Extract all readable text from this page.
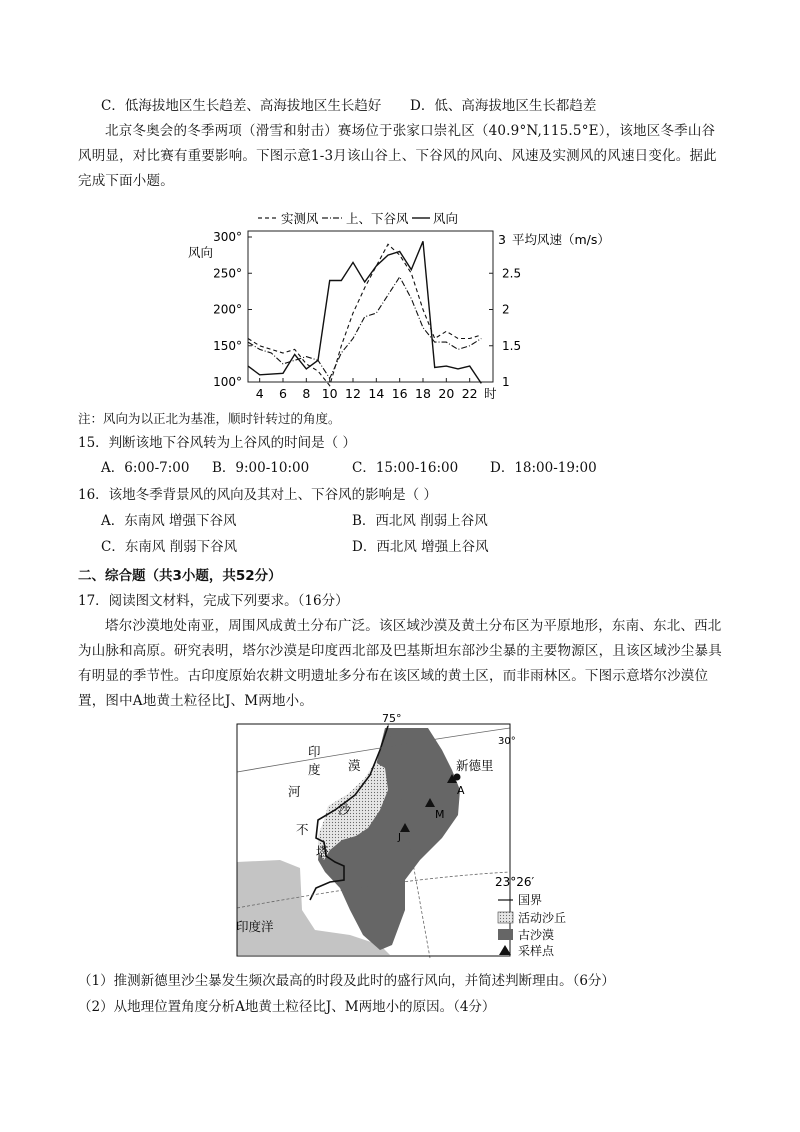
C．低海拔地区生长趋差、高海拔地区生长趋好 D．低、高海拔地区生长都趋差
北京冬奥会的冬季两项（滑雪和射击）赛场位于张家口崇礼区（40.9°N,115.5°E），该地区冬季山谷风明显，对比赛有重要影响。下图示意1-3月该山谷上、下谷风的风向、风速及实测风的风速日变化。据此完成下面小题。
实测风 上、下谷风 风向
风向
3 平均风速（m/s）
时
4 6 8 10 12 14 16 18 20 22
300°
250°
200°
150°
100°
2.5
2
1.5
1
注：风向为以正北为基准，顺时针转过的角度。
15．判断该地下谷风转为上谷风的时间是（ ）
A．6:00-7:00 B．9:00-10:00	C．15:00-16:00 D．18:00-19:00
16．该地冬季背景风的风向及其对上、下谷风的影响是（ ）
A．东南风 增强下谷风	B．西北风 削弱上谷风
C．东南风 削弱下谷风	D．西北风 增强上谷风
二、综合题（共3小题，共52分）
17．阅读图文材料，完成下列要求。（16分）
塔尔沙漠地处南亚，周围风成黄土分布广泛。该区域沙漠及黄土分布区为平原地形，东南、东北、西北为山脉和高原。研究表明，塔尔沙漠是印度西北部及巴基斯坦东部沙尘暴的主要物源区，且该区域沙尘暴具有明显的季节性。古印度原始农耕文明遗址多分布在该区域的黄土区，而非雨林区。下图示意塔尔沙漠位置，图中A地黄土粒径比J、M两地小。
75°
30°
23°26′
新德里
印度洋
印
度
河
沙
漠
不
塔
A
M
J
国界
活动沙丘
古沙漠
采样点
（1）推测新德里沙尘暴发生频次最高的时段及此时的盛行风向，并简述判断理由。（6分）
（2）从地理位置角度分析A地黄土粒径比J、M两地小的原因。（4分）
